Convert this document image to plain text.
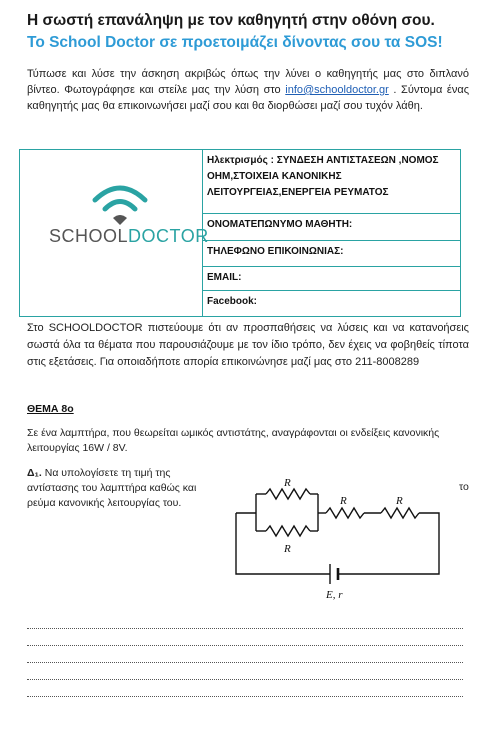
Η σωστή επανάληψη με τον καθηγητή στην οθόνη σου.
Το School Doctor σε προετοιμάζει δίνοντας σου τα SOS!
Τύπωσε και λύσε την άσκηση ακριβώς όπως την λύνει ο καθηγητής μας στο διπλανό βίντεο. Φωτογράφησε και στείλε μας την λύση στο info@schooldoctor.gr . Σύντομα ένας καθηγητής μας θα επικοινωνήσει μαζί σου και θα διορθώσει μαζί σου τυχόν λάθη.
SCHOOLDOCTOR
Ηλεκτρισμός : ΣΥΝΔΕΣΗ ΑΝΤΙΣΤΑΣΕΩΝ ,ΝΟΜΟΣ ΟΗΜ,ΣΤΟΙΧΕΙΑ ΚΑΝΟΝΙΚΗΣ ΛΕΙΤΟΥΡΓΕΙΑΣ,ΕΝΕΡΓΕΙΑ ΡΕΥΜΑΤΟΣ
ΟΝΟΜΑΤΕΠΩΝΥΜΟ ΜΑΘΗΤΗ:
ΤΗΛΕΦΩΝΟ ΕΠΙΚΟΙΝΩΝΙΑΣ:
EMAIL:
Facebook:
Στο SCHOOLDOCTOR πιστεύουμε ότι αν προσπαθήσεις να λύσεις και να κατανοήσεις σωστά όλα τα θέματα που παρουσιάζουμε με τον ίδιο τρόπο, δεν έχεις να φοβηθείς τίποτα στις εξετάσεις. Για οποιαδήποτε απορία επικοινώνησε μαζί μας στο 211-8008289
ΘΕΜΑ 8ο
Σε ένα λαμπτήρα, που θεωρείται ωμικός αντιστάτης, αναγράφονται οι ενδείξεις κανονικής λειτουργίας 16W / 8V.
Δ₁. Να υπολογίσετε τη τιμή της αντίστασης του λαμπτήρα καθώς και ρεύμα κανονικής λειτουργίας του.
το
R
R
R	R
E, r
